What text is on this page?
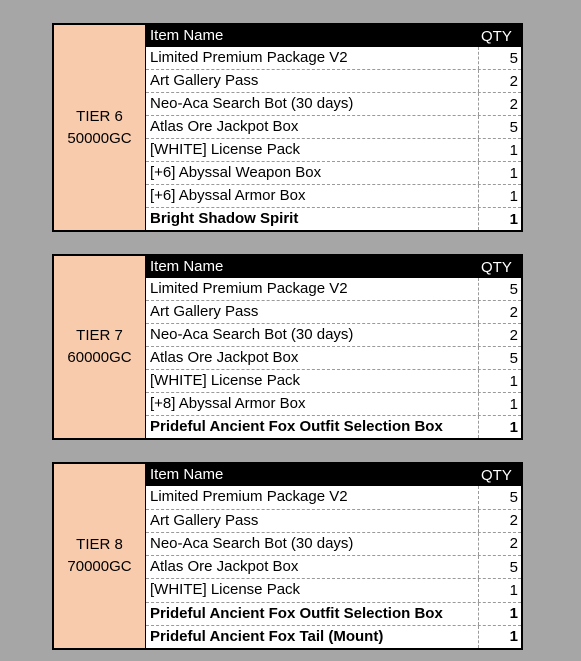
TIER 6
50000GC
Item Name	QTY
Limited Premium Package V2	5
Art Gallery Pass	2
Neo-Aca Search Bot (30 days)	2
Atlas Ore Jackpot Box	5
[WHITE] License Pack	1
[+6] Abyssal Weapon Box	1
[+6] Abyssal Armor Box	1
Bright Shadow Spirit	1
TIER 7
60000GC
Item Name	QTY
Limited Premium Package V2	5
Art Gallery Pass	2
Neo-Aca Search Bot (30 days)	2
Atlas Ore Jackpot Box	5
[WHITE] License Pack	1
[+8] Abyssal Armor Box	1
Prideful Ancient Fox Outfit Selection Box	1
TIER 8
70000GC
Item Name	QTY
Limited Premium Package V2	5
Art Gallery Pass	2
Neo-Aca Search Bot (30 days)	2
Atlas Ore Jackpot Box	5
[WHITE] License Pack	1
Prideful Ancient Fox Outfit Selection Box	1
Prideful Ancient Fox Tail (Mount)	1
